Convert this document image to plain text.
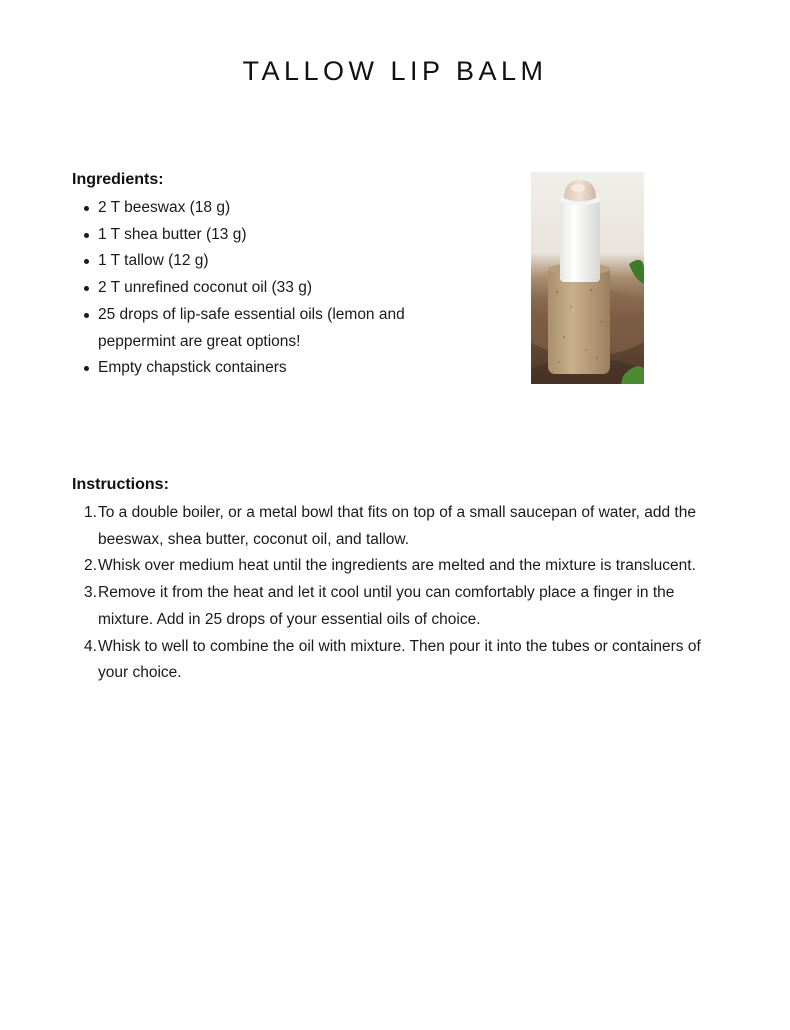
TALLOW LIP BALM
Ingredients:
2 T beeswax (18 g)
1 T shea butter (13 g)
1 T tallow (12 g)
2 T unrefined coconut oil (33 g)
25 drops of lip-safe essential oils (lemon and peppermint are great options!
Empty chapstick containers
Instructions:
1. To a double boiler, or a metal bowl that fits on top of a small saucepan of water, add the beeswax, shea butter, coconut oil, and tallow.
2. Whisk over medium heat until the ingredients are melted and the mixture is translucent.
3. Remove it from the heat and let it cool until you can comfortably place a finger in the mixture. Add in 25 drops of your essential oils of choice.
4. Whisk to well to combine the oil with mixture. Then pour it into the tubes or containers of your choice.
